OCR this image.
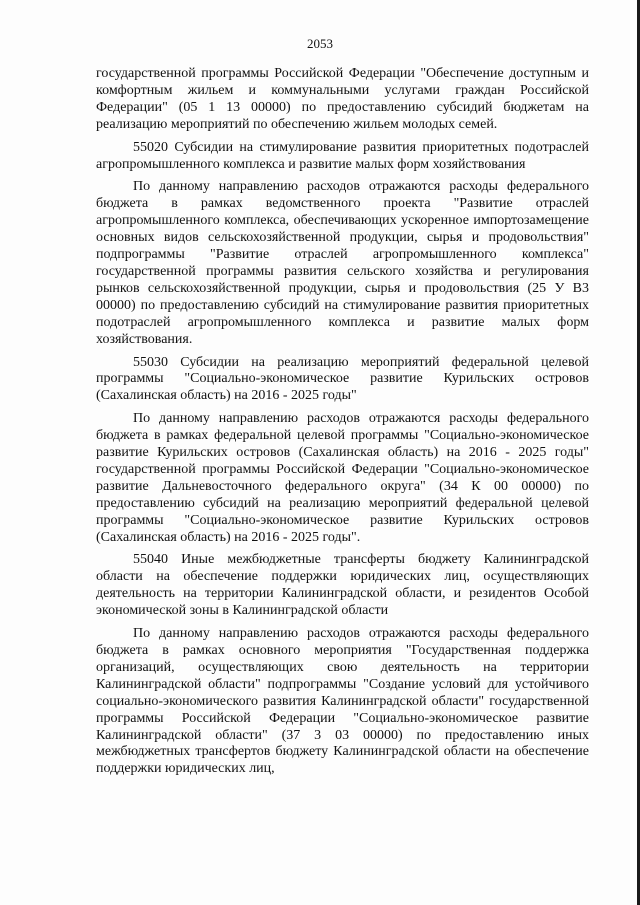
2053

государственной программы Российской Федерации "Обеспечение доступным и комфортным жильем и коммунальными услугами граждан Российской Федерации" (05 1 13 00000) по предоставлению субсидий бюджетам на реализацию мероприятий по обеспечению жильем молодых семей.

55020 Субсидии на стимулирование развития приоритетных подотраслей агропромышленного комплекса и развитие малых форм хозяйствования

По данному направлению расходов отражаются расходы федерального бюджета в рамках ведомственного проекта "Развитие отраслей агропромышленного комплекса, обеспечивающих ускоренное импортозамещение основных видов сельскохозяйственной продукции, сырья и продовольствия" подпрограммы "Развитие отраслей агропромышленного комплекса" государственной программы развития сельского хозяйства и регулирования рынков сельскохозяйственной продукции, сырья и продовольствия (25 У В3 00000) по предоставлению субсидий на стимулирование развития приоритетных подотраслей агропромышленного комплекса и развитие малых форм хозяйствования.

55030 Субсидии на реализацию мероприятий федеральной целевой программы "Социально-экономическое развитие Курильских островов (Сахалинская область) на 2016 - 2025 годы"

По данному направлению расходов отражаются расходы федерального бюджета в рамках федеральной целевой программы "Социально-экономическое развитие Курильских островов (Сахалинская область) на 2016 - 2025 годы" государственной программы Российской Федерации "Социально-экономическое развитие Дальневосточного федерального округа" (34 К 00 00000) по предоставлению субсидий на реализацию мероприятий федеральной целевой программы "Социально-экономическое развитие Курильских островов (Сахалинская область) на 2016 - 2025 годы".

55040 Иные межбюджетные трансферты бюджету Калининградской области на обеспечение поддержки юридических лиц, осуществляющих деятельность на территории Калининградской области, и резидентов Особой экономической зоны в Калининградской области

По данному направлению расходов отражаются расходы федерального бюджета в рамках основного мероприятия "Государственная поддержка организаций, осуществляющих свою деятельность на территории Калининградской области" подпрограммы "Создание условий для устойчивого социально-экономического развития Калининградской области" государственной программы Российской Федерации "Социально-экономическое развитие Калининградской области" (37 3 03 00000) по предоставлению иных межбюджетных трансфертов бюджету Калининградской области на обеспечение поддержки юридических лиц,
